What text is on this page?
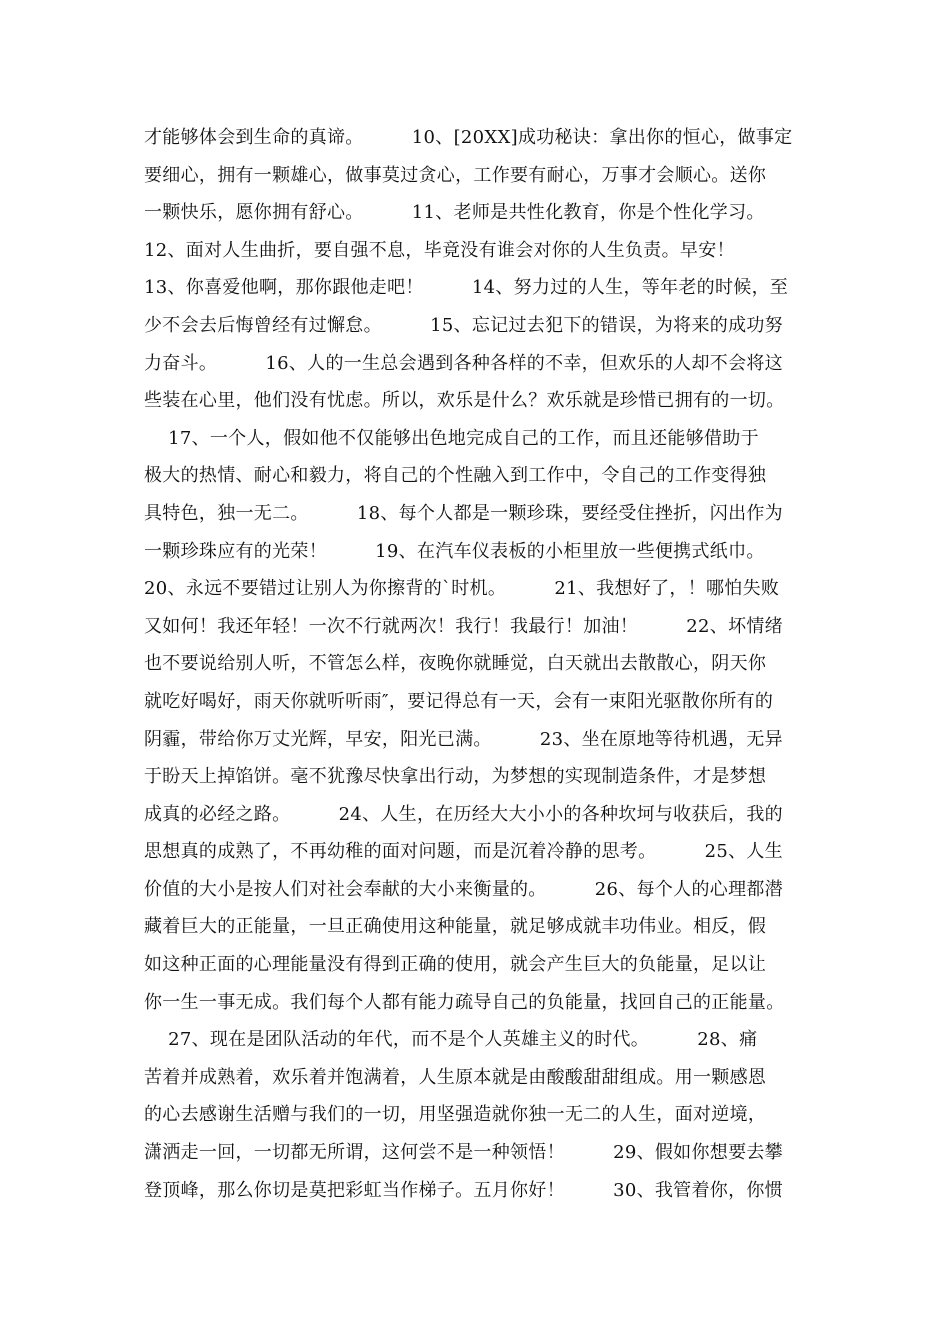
才能够体会到生命的真谛。        10、[20XX]成功秘诀：拿出你的恒心，做事定
要细心，拥有一颗雄心，做事莫过贪心，工作要有耐心，万事才会顺心。送你
一颗快乐，愿你拥有舒心。        11、老师是共性化教育，你是个性化学习。
12、面对人生曲折，要自强不息，毕竟没有谁会对你的人生负责。早安！
13、你喜爱他啊，那你跟他走吧！        14、努力过的人生，等年老的时候，至
少不会去后悔曾经有过懈怠。        15、忘记过去犯下的错误，为将来的成功努
力奋斗。        16、人的一生总会遇到各种各样的不幸，但欢乐的人却不会将这
些装在心里，他们没有忧虑。所以，欢乐是什么？欢乐就是珍惜已拥有的一切。
17、一个人，假如他不仅能够出色地完成自己的工作，而且还能够借助于
极大的热情、耐心和毅力，将自己的个性融入到工作中，令自己的工作变得独
具特色，独一无二。        18、每个人都是一颗珍珠，要经受住挫折，闪出作为
一颗珍珠应有的光荣！        19、在汽车仪表板的小柜里放一些便携式纸巾。
20、永远不要错过让别人为你擦背的`时机。        21、我想好了，！哪怕失败
又如何！我还年轻！一次不行就两次！我行！我最行！加油！        22、坏情绪
也不要说给别人听，不管怎么样，夜晚你就睡觉，白天就出去散散心，阴天你
就吃好喝好，雨天你就听听雨″，要记得总有一天，会有一束阳光驱散你所有的
阴霾，带给你万丈光辉，早安，阳光已满。        23、坐在原地等待机遇，无异
于盼天上掉馅饼。毫不犹豫尽快拿出行动，为梦想的实现制造条件，才是梦想
成真的必经之路。        24、人生，在历经大大小小的各种坎坷与收获后，我的
思想真的成熟了，不再幼稚的面对问题，而是沉着冷静的思考。        25、人生
价值的大小是按人们对社会奉献的大小来衡量的。        26、每个人的心理都潜
藏着巨大的正能量，一旦正确使用这种能量，就足够成就丰功伟业。相反，假
如这种正面的心理能量没有得到正确的使用，就会产生巨大的负能量，足以让
你一生一事无成。我们每个人都有能力疏导自己的负能量，找回自己的正能量。
27、现在是团队活动的年代，而不是个人英雄主义的时代。        28、痛
苦着并成熟着，欢乐着并饱满着，人生原本就是由酸酸甜甜组成。用一颗感恩
的心去感谢生活赠与我们的一切，用坚强造就你独一无二的人生，面对逆境，
潇洒走一回，一切都无所谓，这何尝不是一种领悟！        29、假如你想要去攀
登顶峰，那么你切是莫把彩虹当作梯子。五月你好！        30、我管着你，你惯
